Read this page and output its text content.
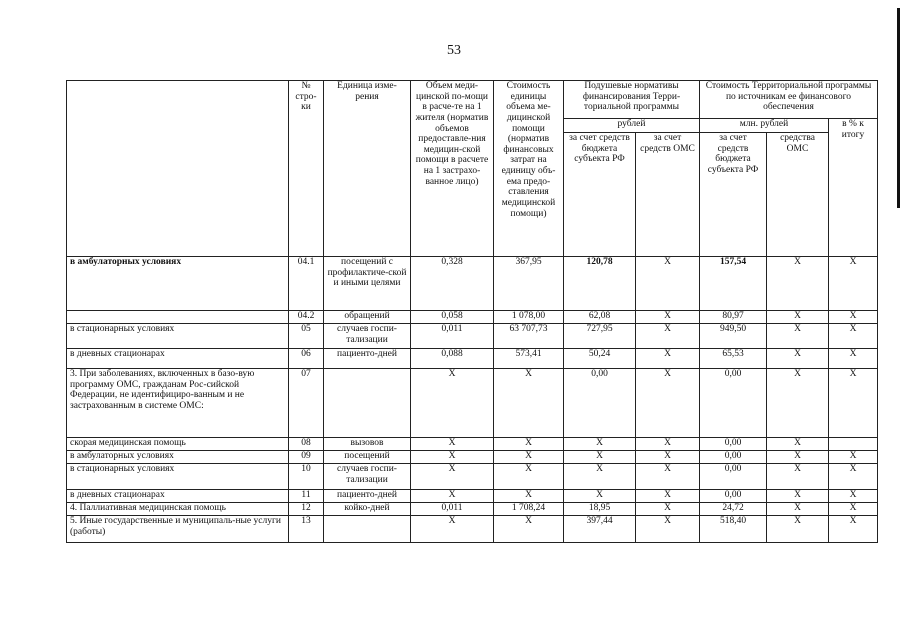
53
	№ стро-ки	Единица изме-рения	Объем меди-цинской по-мощи в расче-те на 1 жителя (норматив объемов предоставле-ния медицин-ской помощи в расчете на 1 застрахо-ванное лицо)	Стоимость единицы объема ме-дицинской помощи (норматив финансовых затрат на единицу объ-ема предо-ставления медицинской помощи)	Подушевые нормативы финансирования Терри-ториальной программы		Стоимость Территориальной программы по источникам ее финансового обеспечения		
					рублей		млн. рублей		в % к итогу
					за счет средств бюджета субъекта РФ	за счет средств ОМС	за счет средств бюджета субъекта РФ	средства ОМС	
в амбулаторных условиях	04.1	посещений с профилактиче-ской и иными целями	0,328	367,95	120,78	Х	157,54	Х	Х
	04.2	обращений	0,058	1 078,00	62,08	Х	80,97	Х	Х
в стационарных условиях	05	случаев госпи-тализации	0,011	63 707,73	727,95	Х	949,50	Х	Х
в дневных стационарах	06	пациенто-дней	0,088	573,41	50,24	Х	65,53	Х	Х
3. При заболеваниях, включенных в базо-вую программу ОМС, гражданам Рос-сийской Федерации, не идентифициро-ванным и не застрахованным в системе ОМС:	07		Х	Х	0,00	Х	0,00	Х	Х
скорая медицинская помощь	08	вызовов	Х	Х	Х	Х	0,00	Х	
в амбулаторных условиях	09	посещений	Х	Х	Х	Х	0,00	Х	Х
в стационарных условиях	10	случаев госпи-тализации	Х	Х	Х	Х	0,00	Х	Х
в дневных стационарах	11	пациенто-дней	Х	Х	Х	Х	0,00	Х	Х
4. Паллиативная медицинская помощь	12	койко-дней	0,011	1 708,24	18,95	Х	24,72	Х	Х
5. Иные государственные и муниципаль-ные услуги (работы)	13		Х	Х	397,44	Х	518,40	Х	Х
